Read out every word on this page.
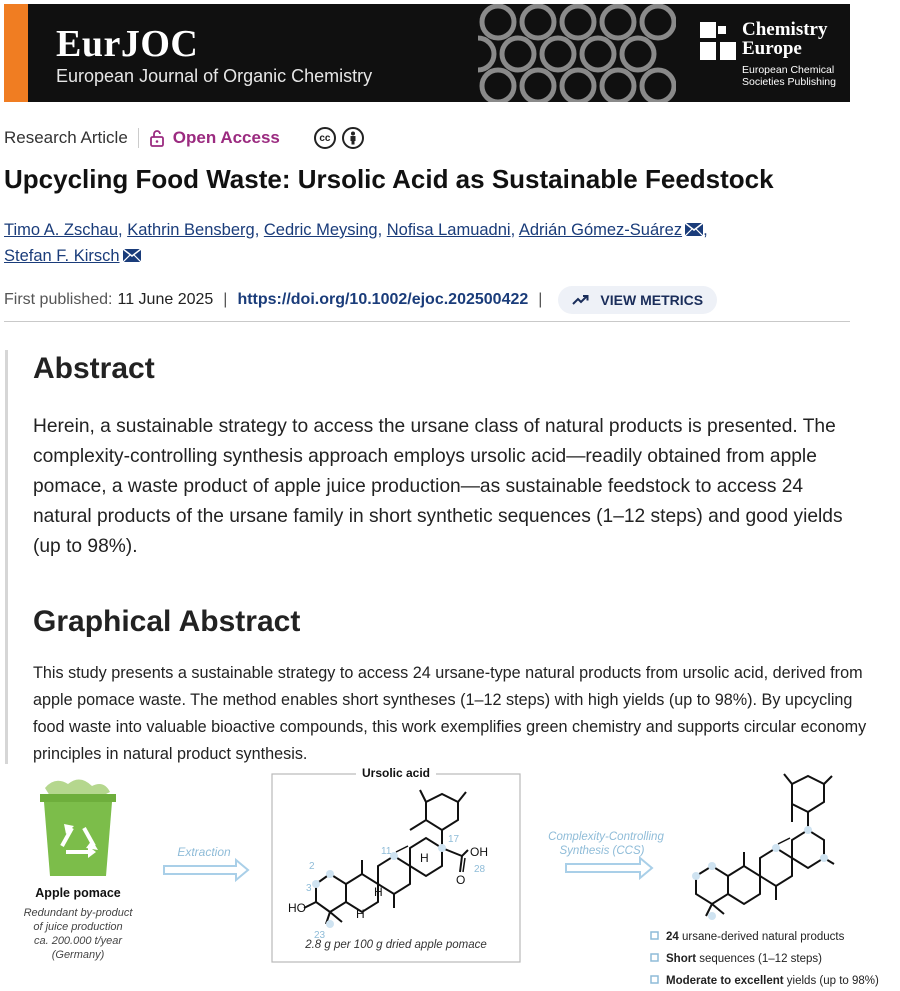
EurJOC
European Journal of Organic Chemistry
Chemistry
Europe
European Chemical
Societies Publishing
Research Article	Open Access	cc
Upcycling Food Waste: Ursolic Acid as Sustainable Feedstock
Timo A. Zschau, Kathrin Bensberg, Cedric Meysing, Nofisa Lamuadni, Adrián Gómez‐Suárez ,
Stefan F. Kirsch
First published: 11 June 2025 | https://doi.org/10.1002/ejoc.202500422 |	VIEW METRICS
Abstract
Herein, a sustainable strategy to access the ursane class of natural products is presented. The complexity‐controlling synthesis approach employs ursolic acid—readily obtained from apple pomace, a waste product of apple juice production—as sustainable feedstock to access 24 natural products of the ursane family in short synthetic sequences (1–12 steps) and good yields (up to 98%).
Graphical Abstract
This study presents a sustainable strategy to access 24 ursane‐type natural products from ursolic acid, derived from apple pomace waste. The method enables short syntheses (1–12 steps) with high yields (up to 98%). By upcycling food waste into valuable bioactive compounds, this work exemplifies green chemistry and supports circular economy principles in natural product synthesis.
Apple pomace
Redundant by-product
of juice production
ca. 200.000 t/year
(Germany)
Extraction
Ursolic acid
2
3
11
17
28
23
HO
OH
O
H
H
H
2.8 g per 100 g dried apple pomace
Complexity-Controlling
Synthesis (CCS)
24 ursane-derived natural products
Short sequences (1–12 steps)
Moderate to excellent yields (up to 98%)
